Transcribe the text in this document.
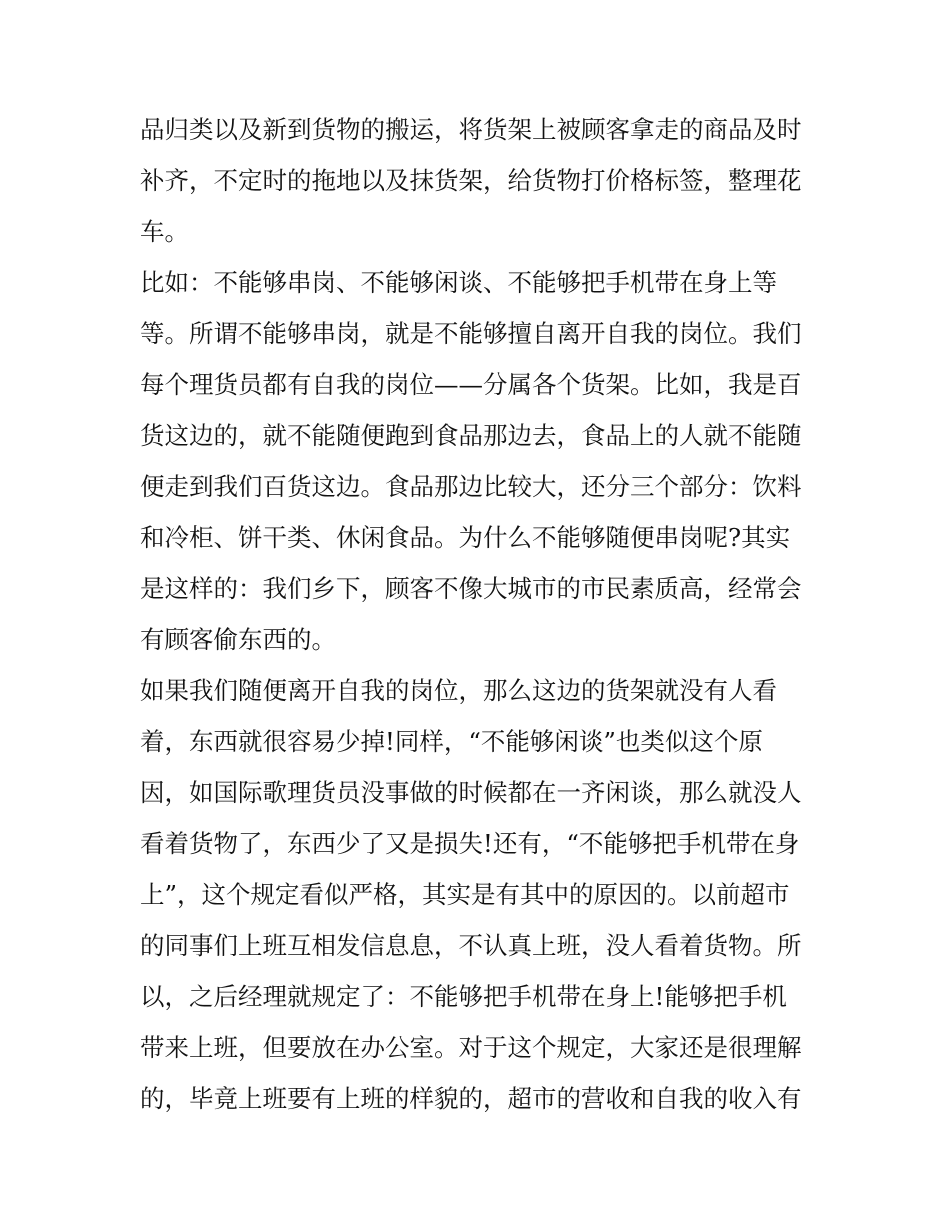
品归类以及新到货物的搬运，将货架上被顾客拿走的商品及时
补齐，不定时的拖地以及抹货架，给货物打价格标签，整理花
车。
比如：不能够串岗、不能够闲谈、不能够把手机带在身上等
等。所谓不能够串岗，就是不能够擅自离开自我的岗位。我们
每个理货员都有自我的岗位——分属各个货架。比如，我是百
货这边的，就不能随便跑到食品那边去，食品上的人就不能随
便走到我们百货这边。食品那边比较大，还分三个部分：饮料
和冷柜、饼干类、休闲食品。为什么不能够随便串岗呢?其实
是这样的：我们乡下，顾客不像大城市的市民素质高，经常会
有顾客偷东西的。
如果我们随便离开自我的岗位，那么这边的货架就没有人看
着，东西就很容易少掉!同样，“不能够闲谈”也类似这个原
因，如国际歌理货员没事做的时候都在一齐闲谈，那么就没人
看着货物了，东西少了又是损失!还有，“不能够把手机带在身
上”，这个规定看似严格，其实是有其中的原因的。以前超市
的同事们上班互相发信息息，不认真上班，没人看着货物。所
以，之后经理就规定了：不能够把手机带在身上!能够把手机
带来上班，但要放在办公室。对于这个规定，大家还是很理解
的，毕竟上班要有上班的样貌的，超市的营收和自我的收入有
